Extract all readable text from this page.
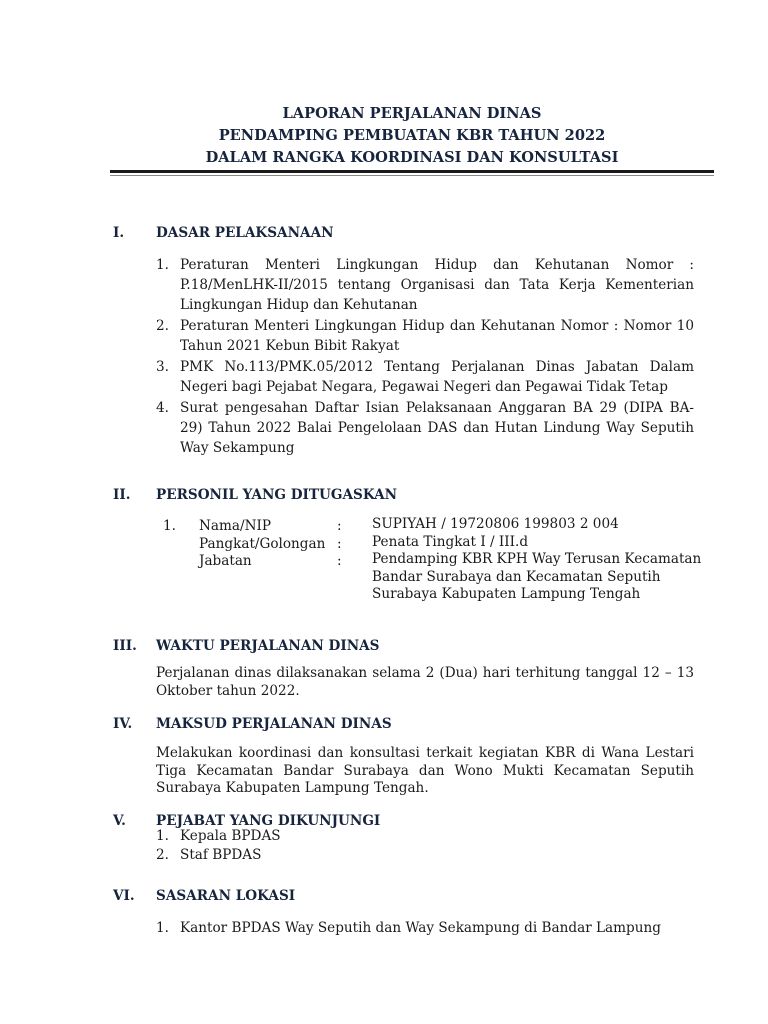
LAPORAN PERJALANAN DINAS
PENDAMPING PEMBUATAN KBR TAHUN 2022
DALAM RANGKA KOORDINASI DAN KONSULTASI
I.	DASAR PELAKSANAAN
1. Peraturan Menteri Lingkungan Hidup dan Kehutanan Nomor : P.18/MenLHK-II/2015 tentang Organisasi dan Tata Kerja Kementerian Lingkungan Hidup dan Kehutanan
2. Peraturan Menteri Lingkungan Hidup dan Kehutanan Nomor : Nomor 10 Tahun 2021 Kebun Bibit Rakyat
3. PMK No.113/PMK.05/2012 Tentang Perjalanan Dinas Jabatan Dalam Negeri bagi Pejabat Negara, Pegawai Negeri dan Pegawai Tidak Tetap
4. Surat pengesahan Daftar Isian Pelaksanaan Anggaran BA 29 (DIPA BA-29) Tahun 2022 Balai Pengelolaan DAS dan Hutan Lindung Way Seputih Way Sekampung
II.	PERSONIL YANG DITUGASKAN
1. Nama/NIP	: SUPIYAH / 19720806 199803 2 004
Pangkat/Golongan : Penata Tingkat I / III.d
Jabatan	: Pendamping KBR KPH Way Terusan Kecamatan Bandar Surabaya dan Kecamatan Seputih Surabaya Kabupaten Lampung Tengah
III.	WAKTU PERJALANAN DINAS
Perjalanan dinas dilaksanakan selama 2 (Dua) hari terhitung tanggal 12 – 13 Oktober tahun 2022.
IV.	MAKSUD PERJALANAN DINAS
Melakukan koordinasi dan konsultasi terkait kegiatan KBR di Wana Lestari Tiga Kecamatan Bandar Surabaya dan Wono Mukti Kecamatan Seputih Surabaya Kabupaten Lampung Tengah.
V.	PEJABAT YANG DIKUNJUNGI
1. Kepala BPDAS
2. Staf BPDAS
VI.	SASARAN LOKASI
1. Kantor BPDAS Way Seputih dan Way Sekampung di Bandar Lampung
